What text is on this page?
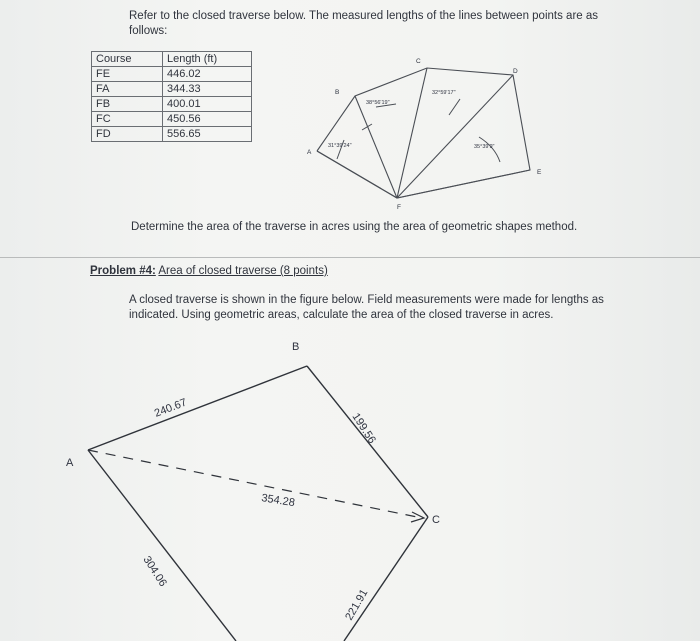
Refer to the closed traverse below. The measured lengths of the lines between points are as follows:
Course	Length (ft)
FE	446.02
FA	344.33
FB	400.01
FC	450.56
FD	556.65
A
B
C
D
E
F
31°39'24"
38°56'19"
32°59'17"
35°39'9"
Determine the area of the traverse in acres using the area of geometric shapes method.
Problem #4: Area of closed traverse (8 points)
A closed traverse is shown in the figure below. Field measurements were made for lengths as indicated. Using geometric areas, calculate the area of the closed traverse in acres.
A
B
C
240.67
199.56
354.28
304.06
221.91
